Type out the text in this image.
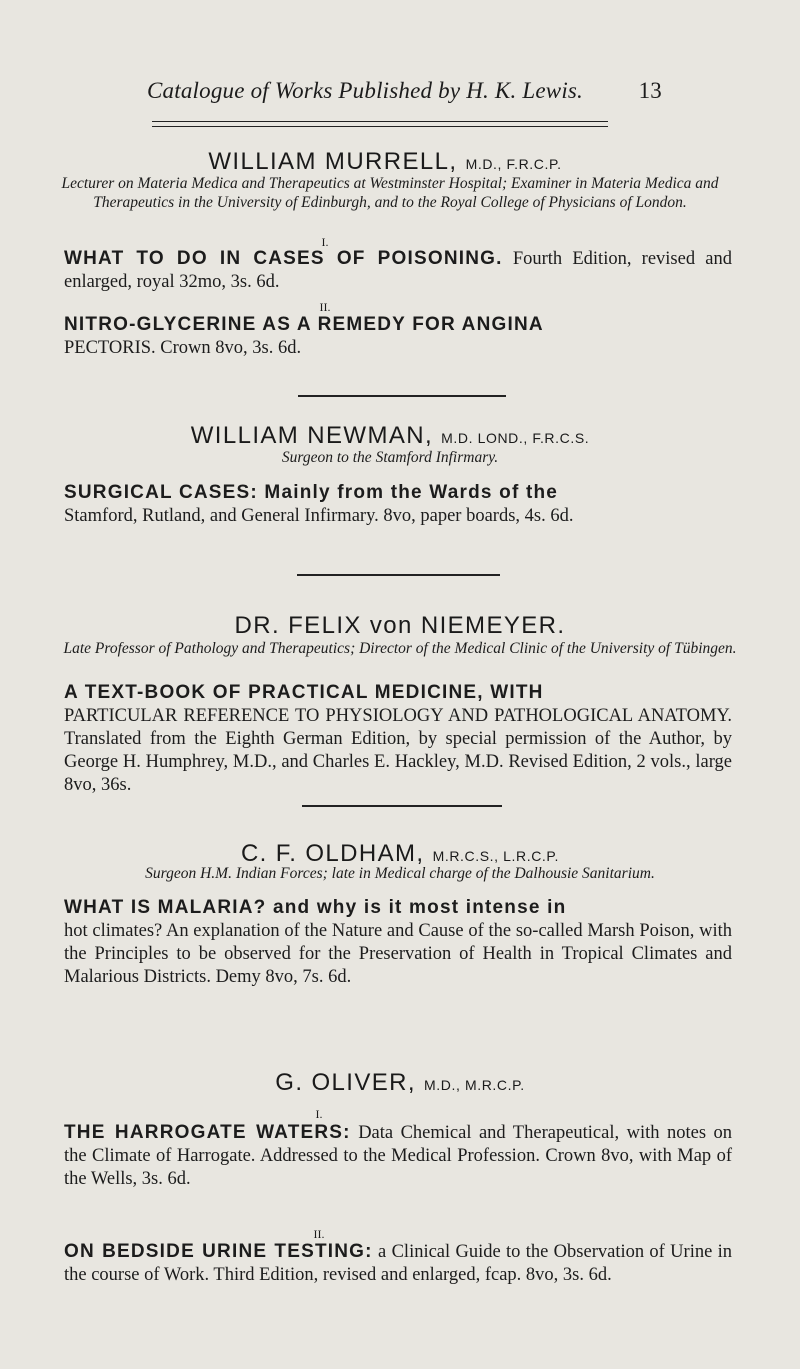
Catalogue of Works Published by H. K. Lewis. 13
WILLIAM MURRELL, M.D., F.R.C.P.
Lecturer on Materia Medica and Therapeutics at Westminster Hospital; Examiner in Materia Medica and Therapeutics in the University of Edinburgh, and to the Royal College of Physicians of London.
I.
WHAT TO DO IN CASES OF POISONING. Fourth Edition, revised and enlarged, royal 32mo, 3s. 6d.
II.
NITRO-GLYCERINE AS A REMEDY FOR ANGINA
PECTORIS. Crown 8vo, 3s. 6d.
WILLIAM NEWMAN, M.D. LOND., F.R.C.S.
Surgeon to the Stamford Infirmary.
SURGICAL CASES: Mainly from the Wards of the
Stamford, Rutland, and General Infirmary. 8vo, paper boards, 4s. 6d.
DR. FELIX von NIEMEYER.
Late Professor of Pathology and Therapeutics; Director of the Medical Clinic of the University of Tübingen.
A TEXT-BOOK OF PRACTICAL MEDICINE, WITH
PARTICULAR REFERENCE TO PHYSIOLOGY AND PATHOLOGICAL ANATOMY. Translated from the Eighth German Edition, by special permission of the Author, by George H. Humphrey, M.D., and Charles E. Hackley, M.D. Revised Edition, 2 vols., large 8vo, 36s.
C. F. OLDHAM, M.R.C.S., L.R.C.P.
Surgeon H.M. Indian Forces; late in Medical charge of the Dalhousie Sanitarium.
WHAT IS MALARIA? and why is it most intense in
hot climates? An explanation of the Nature and Cause of the so-called Marsh Poison, with the Principles to be observed for the Preservation of Health in Tropical Climates and Malarious Districts. Demy 8vo, 7s. 6d.
G. OLIVER, M.D., M.R.C.P.
I.
THE HARROGATE WATERS: Data Chemical and Therapeutical, with notes on the Climate of Harrogate. Addressed to the Medical Profession. Crown 8vo, with Map of the Wells, 3s. 6d.
II.
ON BEDSIDE URINE TESTING: a Clinical Guide to the Observation of Urine in the course of Work. Third Edition, revised and enlarged, fcap. 8vo, 3s. 6d.
